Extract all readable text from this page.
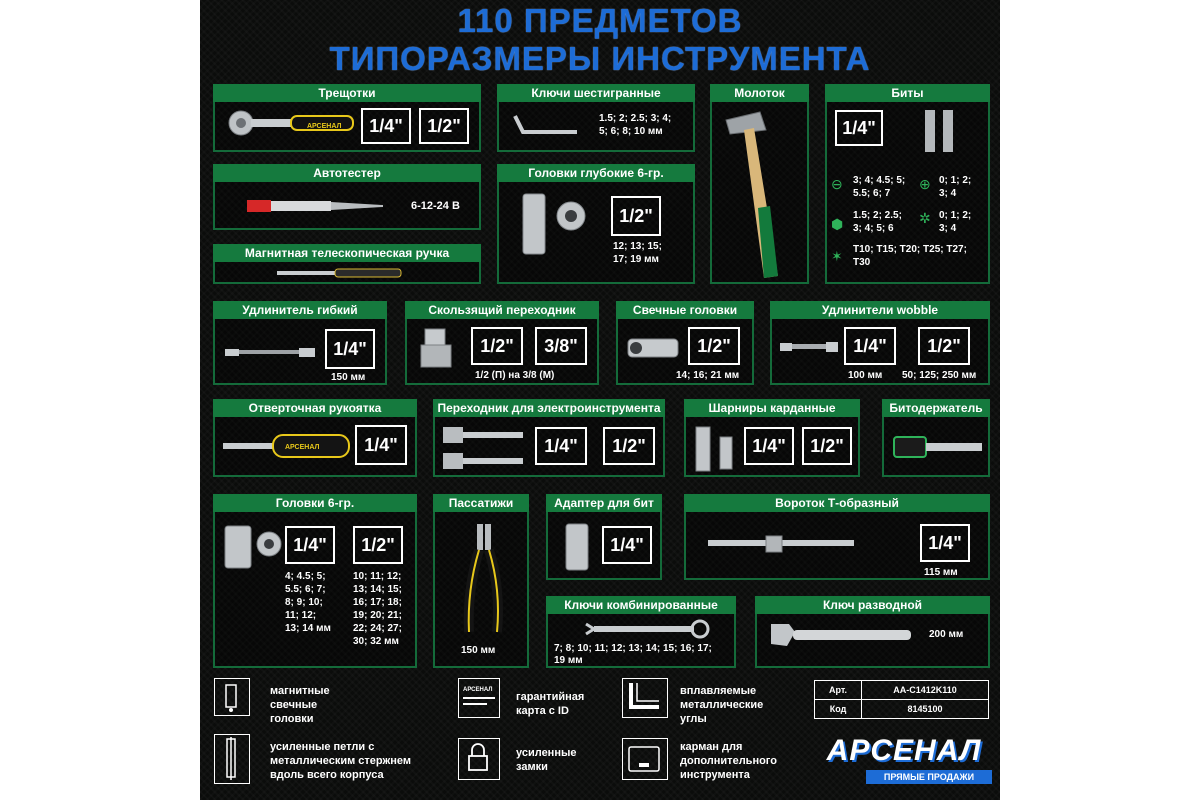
110 ПРЕДМЕТОВ
ТИПОРАЗМЕРЫ ИНСТРУМЕНТА
Трещотки
АРСЕНАЛ	1/4"	1/2"
Ключи шестигранные
1.5; 2; 2.5; 3; 4;
5; 6; 8; 10 мм
Молоток	Биты
1/4"
⊖ 3; 4; 4.5; 5;
5.5; 6; 7
⊕ 0; 1; 2;
3; 4
⬢
1.5; 2; 2.5;
3; 4; 5; 6
✲ 0; 1; 2;
3; 4
✶ T10; T15; T20; T25; T27;
T30
Автотестер
6-12-24 В
Головки глубокие 6-гр.
1/2"
12; 13; 15;
17; 19 мм
Магнитная телескопическая ручка
Удлинитель гибкий
1/4"
150 мм
Скользящий переходник
1/2"	3/8"
1/2 (П) на 3/8 (М)
Свечные головки
1/2"
14; 16; 21 мм
Удлинители wobble
1/4"	1/2"
100 мм 50; 125; 250 мм
Отверточная рукоятка
АРСЕНАЛ	1/4"
Переходник для электроинструмента
1/4"	1/2"
Шарниры карданные
1/4"	1/2"
Битодержатель
Головки 6-гр.
1/4"	1/2"
4; 4.5; 5;
5.5; 6; 7;
8; 9; 10;
11; 12;
13; 14 мм
10; 11; 12;
13; 14; 15;
16; 17; 18;
19; 20; 21;
22; 24; 27;
30; 32 мм
Пассатижи
150 мм
Адаптер для бит
1/4"
Вороток Т-образный
1/4"
115 мм
Ключи комбинированные
7; 8; 10; 11; 12; 13; 14; 15; 16; 17;
19 мм
Ключ разводной
200 мм
магнитные
свечные
головки
АРСЕНАЛ
гарантийная
карта с ID
вплавляемые
металлические
углы
Арт.	AA-C1412K110
Код	8145100
усиленные петли с
металлическим стержнем
вдоль всего корпуса
усиленные
замки
карман для
дополнительного
инструмента
АРСЕНАЛ
ПРЯМЫЕ ПРОДАЖИ
